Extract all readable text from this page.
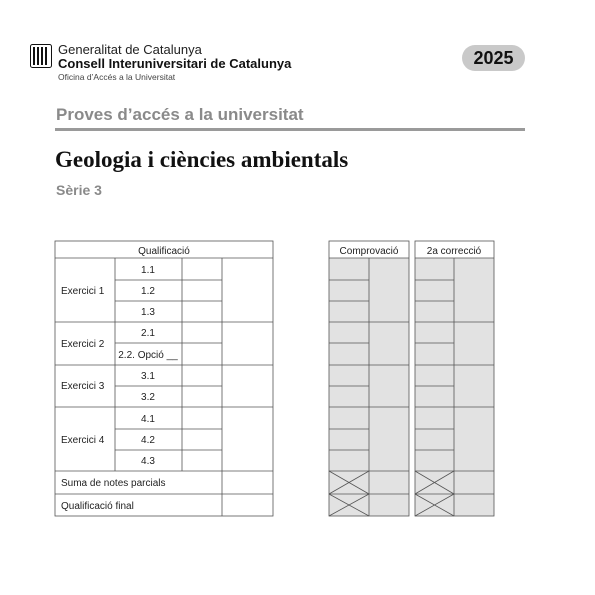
Generalitat de Catalunya
Consell Interuniversitari de Catalunya
Oficina d’Accés a la Universitat
2025
Proves d’accés a la universitat
Geologia i ciències ambientals
Sèrie 3
Qualificació
Exercici 1
1.1
1.2
1.3
Exercici 2
2.1
2.2. Opció __
Exercici 3
3.1
3.2
Exercici 4
4.1
4.2
4.3
Suma de notes parcials
Qualificació final
Comprovació	2a correcció
